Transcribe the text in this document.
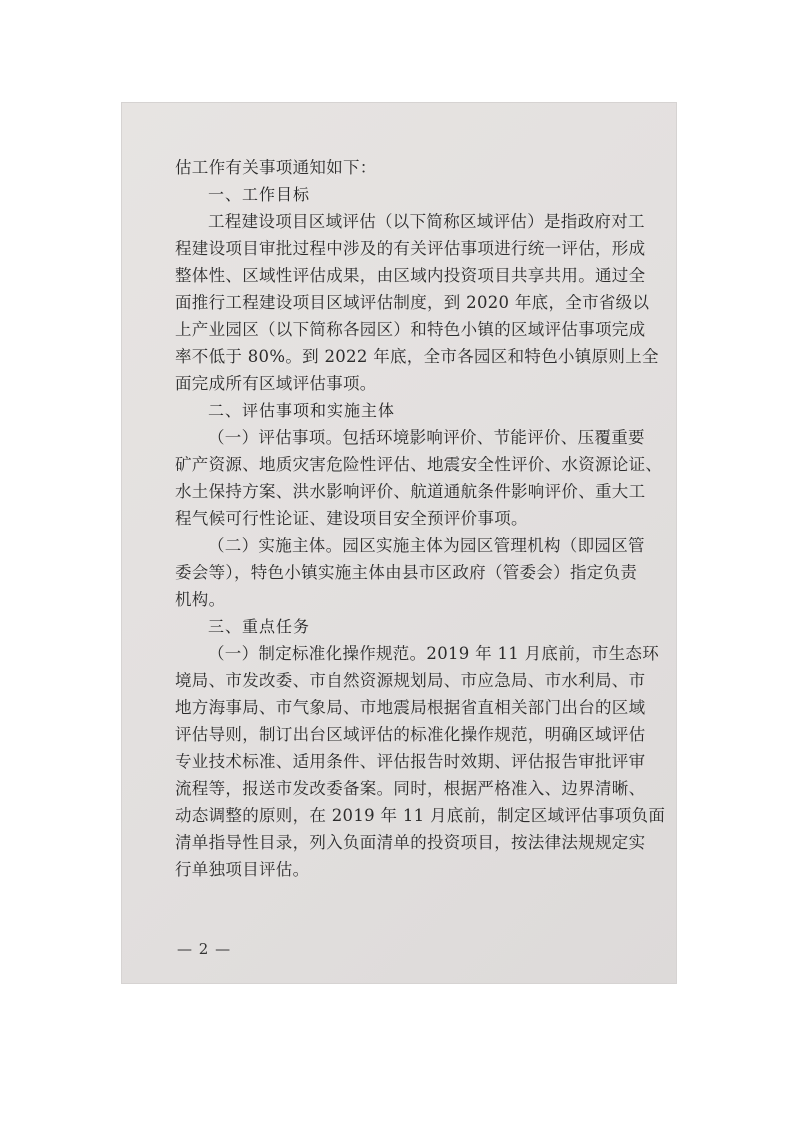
估工作有关事项通知如下：
一、工作目标
工程建设项目区域评估（以下简称区域评估）是指政府对工
程建设项目审批过程中涉及的有关评估事项进行统一评估，形成
整体性、区域性评估成果，由区域内投资项目共享共用。通过全
面推行工程建设项目区域评估制度，到 2020 年底，全市省级以
上产业园区（以下简称各园区）和特色小镇的区域评估事项完成
率不低于 80%。到 2022 年底，全市各园区和特色小镇原则上全
面完成所有区域评估事项。
二、评估事项和实施主体
（一）评估事项。包括环境影响评价、节能评价、压覆重要
矿产资源、地质灾害危险性评估、地震安全性评价、水资源论证、
水土保持方案、洪水影响评价、航道通航条件影响评价、重大工
程气候可行性论证、建设项目安全预评价事项。
（二）实施主体。园区实施主体为园区管理机构（即园区管
委会等），特色小镇实施主体由县市区政府（管委会）指定负责
机构。
三、重点任务
（一）制定标准化操作规范。2019 年 11 月底前，市生态环
境局、市发改委、市自然资源规划局、市应急局、市水利局、市
地方海事局、市气象局、市地震局根据省直相关部门出台的区域
评估导则，制订出台区域评估的标准化操作规范，明确区域评估
专业技术标准、适用条件、评估报告时效期、评估报告审批评审
流程等，报送市发改委备案。同时，根据严格准入、边界清晰、
动态调整的原则，在 2019 年 11 月底前，制定区域评估事项负面
清单指导性目录，列入负面清单的投资项目，按法律法规规定实
行单独项目评估。
— 2 —
